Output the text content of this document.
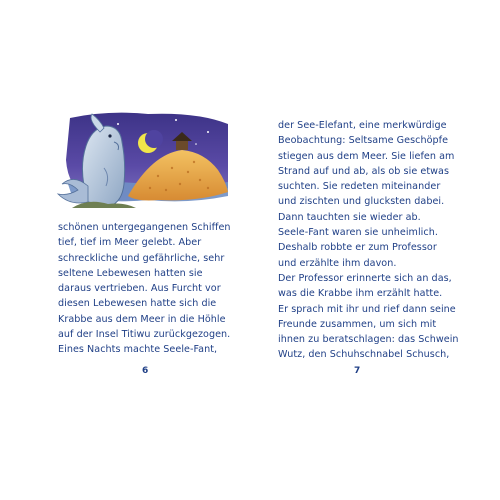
schönen untergegangenen Schiffen
tief, tief im Meer gelebt. Aber
schreckliche und gefährliche, sehr
seltene Lebewesen hatten sie
daraus vertrieben. Aus Furcht vor
diesen Lebewesen hatte sich die
Krabbe aus dem Meer in die Höhle
auf der Insel Titiwu zurückgezogen.
Eines Nachts machte Seele-Fant,
6
der See-Elefant, eine merkwürdige
Beobachtung: Seltsame Geschöpfe
stiegen aus dem Meer. Sie liefen am
Strand auf und ab, als ob sie etwas
suchten. Sie redeten miteinander
und zischten und glucksten dabei.
Dann tauchten sie wieder ab.
Seele-Fant waren sie unheimlich.
Deshalb robbte er zum Professor
und erzählte ihm davon.
Der Professor erinnerte sich an das,
was die Krabbe ihm erzählt hatte.
Er sprach mit ihr und rief dann seine
Freunde zusammen, um sich mit
ihnen zu beratschlagen: das Schwein
Wutz, den Schuhschnabel Schusch,
7
